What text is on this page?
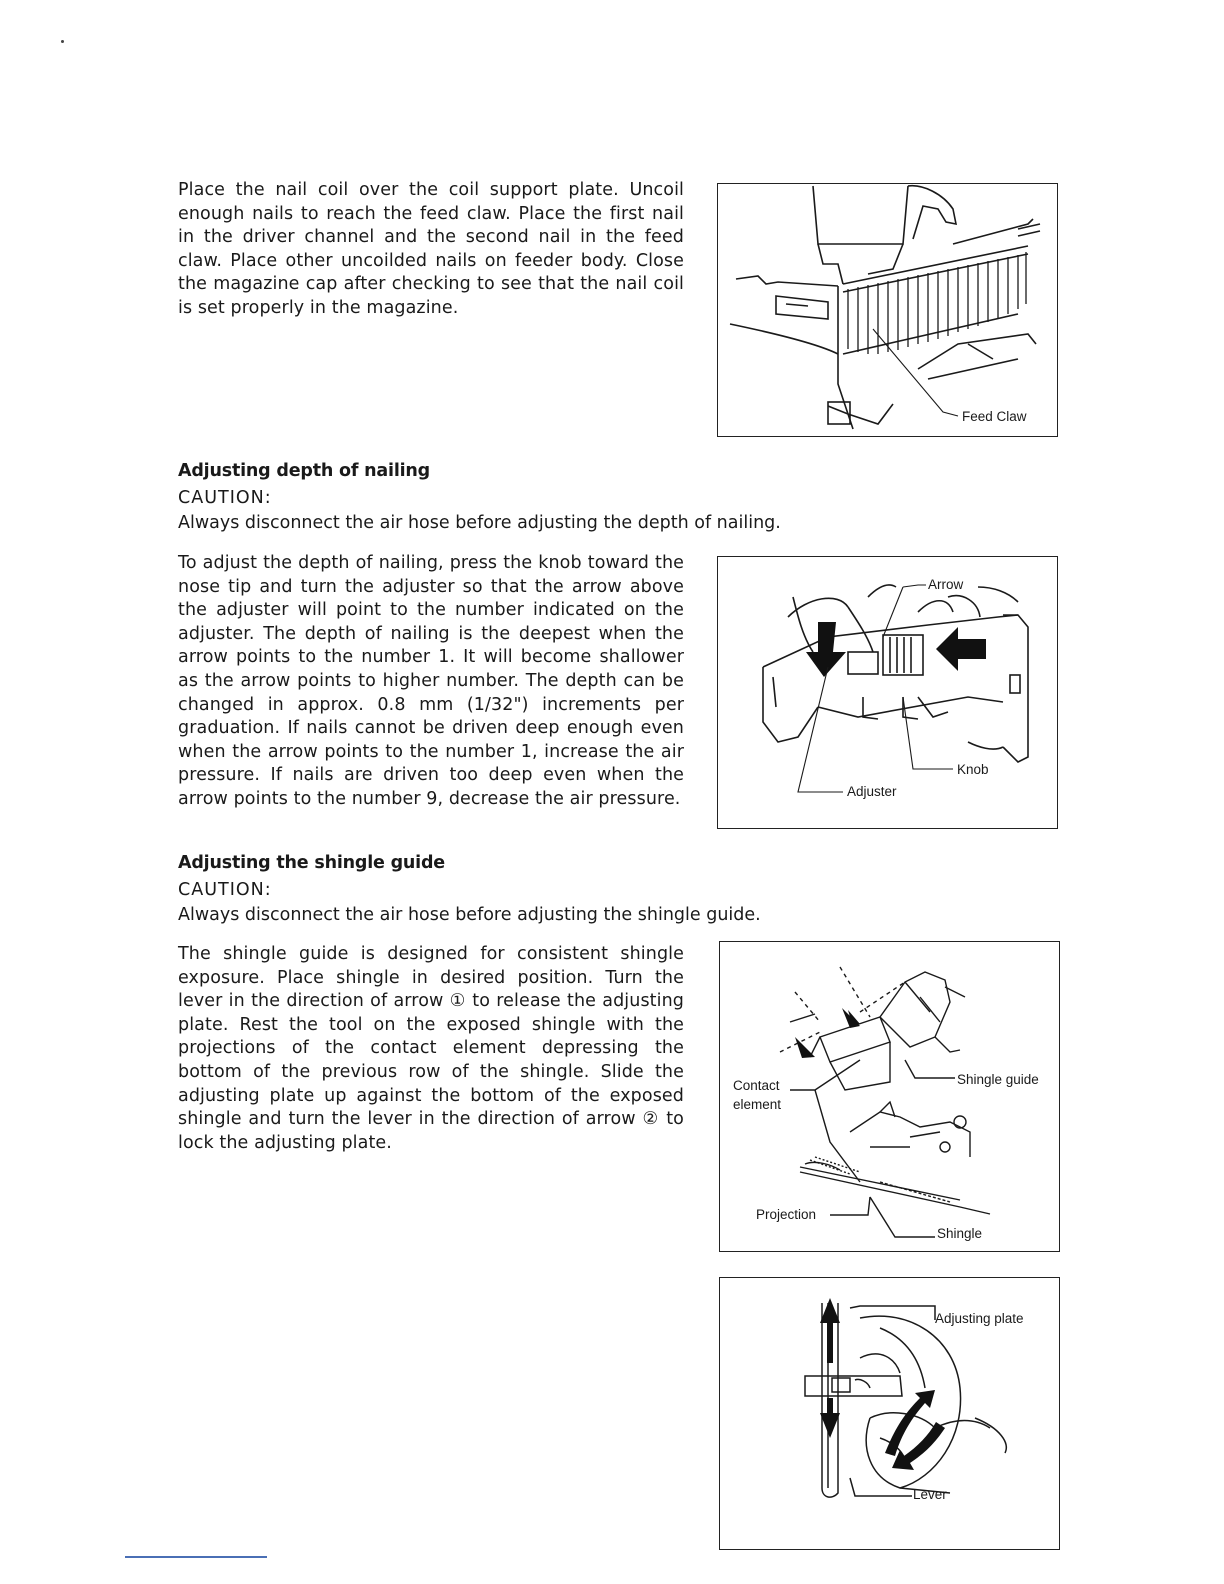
Place the nail coil over the coil support plate. Uncoil enough nails to reach the feed claw. Place the first nail in the driver channel and the second nail in the feed claw. Place other uncoilded nails on feeder body. Close the magazine cap after checking to see that the nail coil is set properly in the magazine.

Feed Claw
Adjusting depth of nailing

CAUTION:

Always disconnect the air hose before adjusting the depth of nailing.

To adjust the depth of nailing, press the knob toward the nose tip and turn the adjuster so that the arrow above the adjuster will point to the number indicated on the adjuster. The depth of nailing is the deepest when the arrow points to the number 1. It will become shallower as the arrow points to higher number. The depth can be changed in approx. 0.8 mm (1/32") increments per graduation. If nails cannot be driven deep enough even when the arrow points to the number 1, increase the air pressure. If nails are driven too deep even when the arrow points to the number 9, decrease the air pressure.

Arrow
Knob
Adjuster
Adjusting the shingle guide

CAUTION:

Always disconnect the air hose before adjusting the shingle guide.

The shingle guide is designed for consistent shingle exposure. Place shingle in desired position. Turn the lever in the direction of arrow ① to release the adjusting plate. Rest the tool on the exposed shingle with the projections of the contact element depressing the bottom of the previous row of the shingle. Slide the adjusting plate up against the bottom of the exposed shingle and turn the lever in the direction of arrow ② to lock the adjusting plate.

Shingle guide
Contact
element
Projection
Shingle
Adjusting plate
Lever
